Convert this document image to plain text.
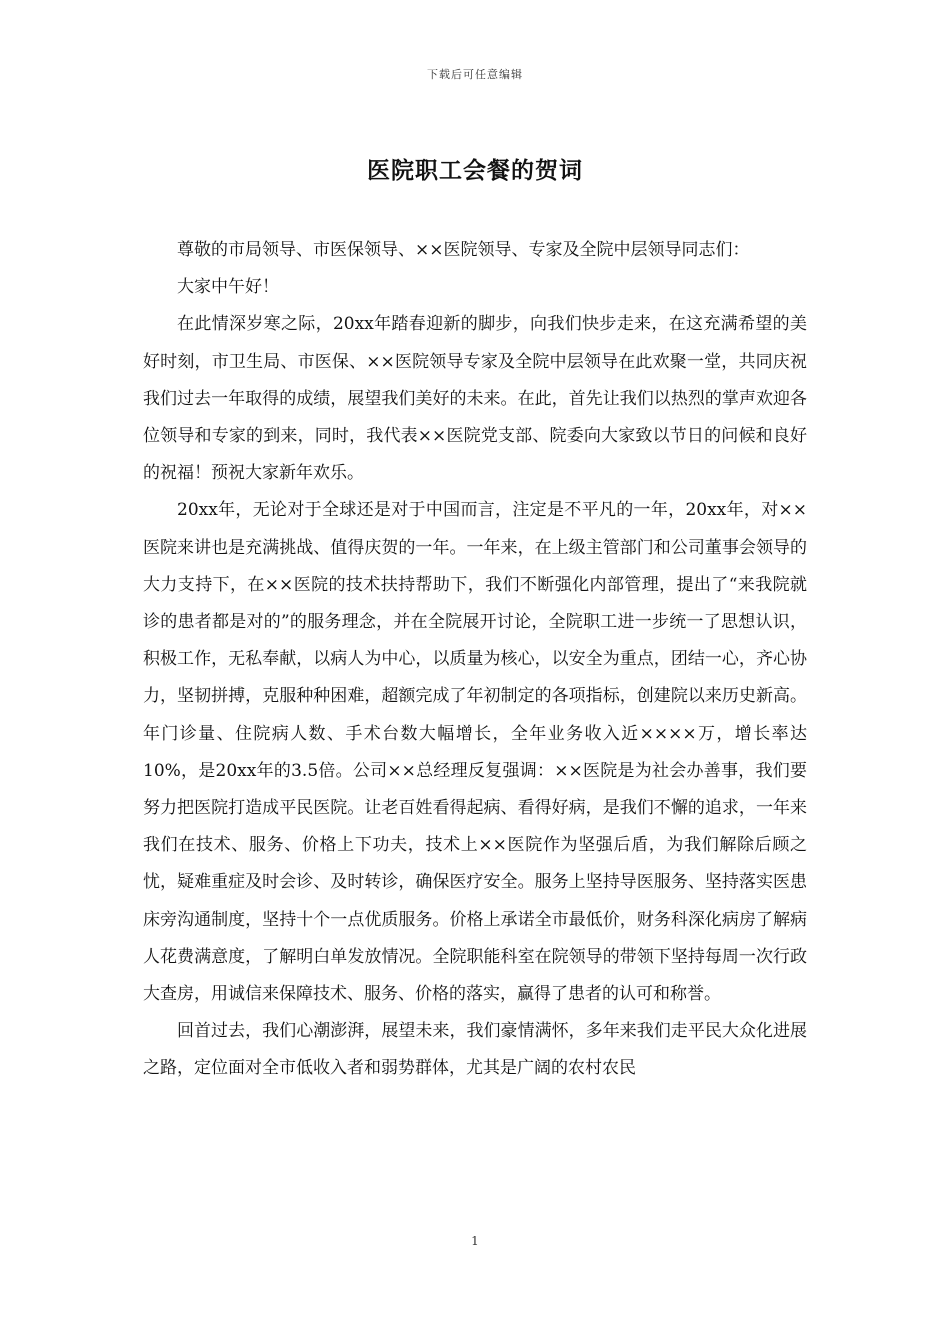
下载后可任意编辑
医院职工会餐的贺词

尊敬的市局领导、市医保领导、××医院领导、专家及全院中层领导同志们：

大家中午好！

在此情深岁寒之际，20xx年踏春迎新的脚步，向我们快步走来，在这充满希望的美好时刻，市卫生局、市医保、××医院领导专家及全院中层领导在此欢聚一堂，共同庆祝我们过去一年取得的成绩，展望我们美好的未来。在此，首先让我们以热烈的掌声欢迎各位领导和专家的到来，同时，我代表××医院党支部、院委向大家致以节日的问候和良好的祝福！预祝大家新年欢乐。

20xx年，无论对于全球还是对于中国而言，注定是不平凡的一年，20xx年，对××医院来讲也是充满挑战、值得庆贺的一年。一年来，在上级主管部门和公司董事会领导的大力支持下，在××医院的技术扶持帮助下，我们不断强化内部管理，提出了“来我院就诊的患者都是对的”的服务理念，并在全院展开讨论，全院职工进一步统一了思想认识，积极工作，无私奉献，以病人为中心，以质量为核心，以安全为重点，团结一心，齐心协力，坚韧拼搏，克服种种困难，超额完成了年初制定的各项指标，创建院以来历史新高。年门诊量、住院病人数、手术台数大幅增长，全年业务收入近××××万，增长率达10%，是20xx年的3.5倍。公司××总经理反复强调：××医院是为社会办善事，我们要努力把医院打造成平民医院。让老百姓看得起病、看得好病，是我们不懈的追求，一年来我们在技术、服务、价格上下功夫，技术上××医院作为坚强后盾，为我们解除后顾之忧，疑难重症及时会诊、及时转诊，确保医疗安全。服务上坚持导医服务、坚持落实医患床旁沟通制度，坚持十个一点优质服务。价格上承诺全市最低价，财务科深化病房了解病人花费满意度，了解明白单发放情况。全院职能科室在院领导的带领下坚持每周一次行政大查房，用诚信来保障技术、服务、价格的落实，赢得了患者的认可和称誉。

回首过去，我们心潮澎湃，展望未来，我们豪情满怀，多年来我们走平民大众化进展之路，定位面对全市低收入者和弱势群体，尤其是广阔的农村农民

1
